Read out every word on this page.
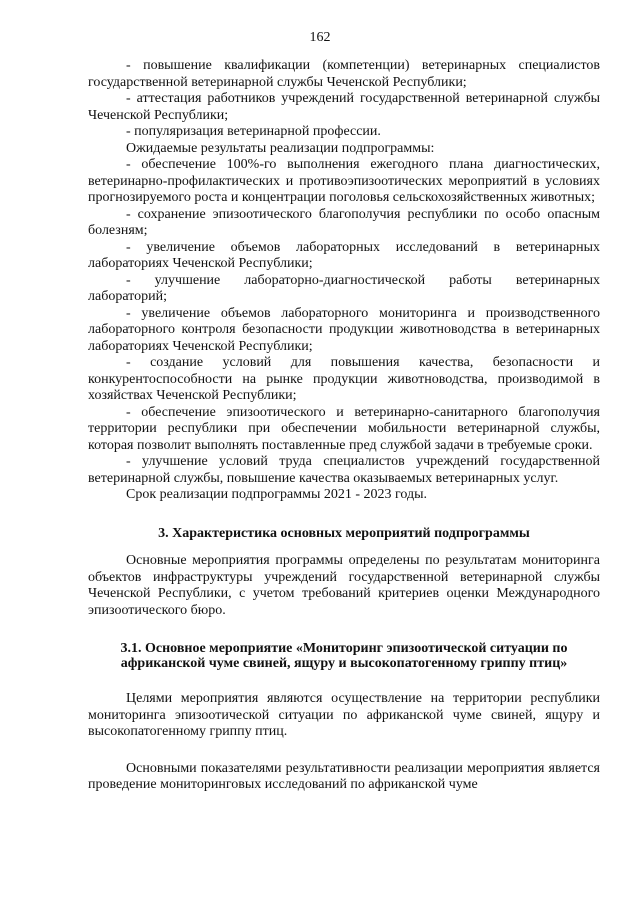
162

- повышение квалификации (компетенции) ветеринарных специалистов государственной ветеринарной службы Чеченской Республики;

- аттестация работников учреждений государственной ветеринарной службы Чеченской Республики;

- популяризация ветеринарной профессии.

Ожидаемые результаты реализации подпрограммы:

- обеспечение 100%-го выполнения ежегодного плана диагностических, ветеринарно-профилактических и противоэпизоотических мероприятий в условиях прогнозируемого роста и концентрации поголовья сельскохозяйственных животных;

- сохранение эпизоотического благополучия республики по особо опасным болезням;

- увеличение объемов лабораторных исследований в ветеринарных лабораториях Чеченской Республики;

- улучшение лабораторно-диагностической работы ветеринарных лабораторий;

- увеличение объемов лабораторного мониторинга и производственного лабораторного контроля безопасности продукции животноводства в ветеринарных лабораториях Чеченской Республики;

- создание условий для повышения качества, безопасности и конкурентоспособности на рынке продукции животноводства, производимой в хозяйствах Чеченской Республики;

- обеспечение эпизоотического и ветеринарно-санитарного благополучия территории республики при обеспечении мобильности ветеринарной службы, которая позволит выполнять поставленные пред службой задачи в требуемые сроки.

- улучшение условий труда специалистов учреждений государственной ветеринарной службы, повышение качества оказываемых ветеринарных услуг.

Срок реализации подпрограммы 2021 - 2023 годы.

3. Характеристика основных мероприятий подпрограммы

Основные мероприятия программы определены по результатам мониторинга объектов инфраструктуры учреждений государственной ветеринарной службы Чеченской Республики, с учетом требований критериев оценки Международного эпизоотического бюро.

3.1. Основное мероприятие «Мониторинг эпизоотической ситуации по африканской чуме свиней, ящуру и высокопатогенному гриппу птиц»

Целями мероприятия являются осуществление на территории республики мониторинга эпизоотической ситуации по африканской чуме свиней, ящуру и высокопатогенному гриппу птиц.

Основными показателями результативности реализации мероприятия является проведение мониторинговых исследований по африканской чуме
